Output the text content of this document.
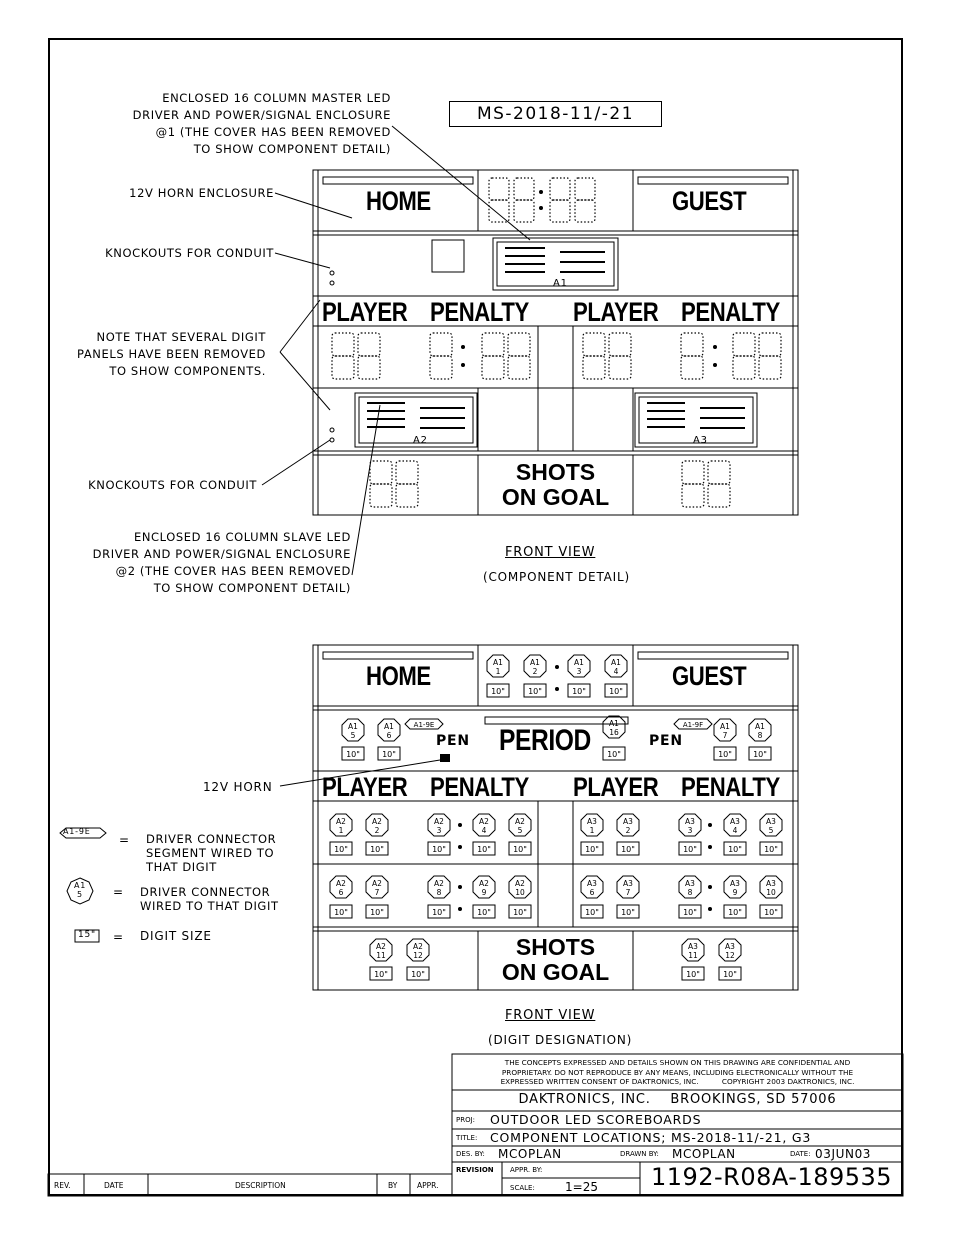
MS-2018-11/-21
ENCLOSED 16 COLUMN MASTER LED
DRIVER AND POWER/SIGNAL ENCLOSURE
@1 (THE COVER HAS BEEN REMOVED
TO SHOW COMPONENT DETAIL)
12V HORN ENCLOSURE
KNOCKOUTS FOR CONDUIT
NOTE THAT SEVERAL DIGIT
PANELS HAVE BEEN REMOVED
TO SHOW COMPONENTS.
KNOCKOUTS FOR CONDUIT
ENCLOSED 16 COLUMN SLAVE LED
DRIVER AND POWER/SIGNAL ENCLOSURE
@2 (THE COVER HAS BEEN REMOVED
TO SHOW COMPONENT DETAIL)
HOME	GUEST
PLAYER PENALTY PLAYER PENALTY
SHOTS
ON GOAL
A1
A2	A3
FRONT VIEW
(COMPONENT DETAIL)
A1
1
10"
A1
2
10"
A1
3
10"
A1
4
10"
A1
5
10"
A1
6
10"
A1
16
10"
A1
7
10"
A1
8
10"
A2
1
10"
A2
2
10"
A2
3
10"
A2
4
10"
A2
5
10"
A3
1
10"
A3
2
10"
A3
3
10"
A3
4
10"
A3
5
10"
A2
6
10"
A2
7
10"
A2
8
10"
A2
9
10"
A2
10
10"
A3
6
10"
A3
7
10"
A3
8
10"
A3
9
10"
A3
10
10"
A2
11
10"
A2
12
10"
A3
11
10"
A3
12
10"
A1-9E	A1-9F
HOME	GUEST
PERIOD
PEN	PEN
PLAYER PENALTY PLAYER PENALTY
SHOTS
ON GOAL
12V HORN
A1-9E
= DRIVER CONNECTOR
SEGMENT WIRED TO
THAT DIGIT
A1
5	= DRIVER CONNECTOR
WIRED TO THAT DIGIT
15" = DIGIT SIZE
FRONT VIEW
(DIGIT DESIGNATION)
THE CONCEPTS EXPRESSED AND DETAILS SHOWN ON THIS DRAWING ARE CONFIDENTIAL AND
PROPRIETARY. DO NOT REPRODUCE BY ANY MEANS, INCLUDING ELECTRONICALLY WITHOUT THE
EXPRESSED WRITTEN CONSENT OF DAKTRONICS, INC.          COPYRIGHT 2003 DAKTRONICS, INC.
DAKTRONICS, INC.    BROOKINGS, SD 57006
PROJ: OUTDOOR LED SCOREBOARDS
TITLE: COMPONENT LOCATIONS; MS-2018-11/-21, G3
DES. BY: MCOPLAN	DRAWN BY: MCOPLAN	DATE: 03JUN03
REVISION APPR. BY:
SCALE:	1=25	1192-R08A-189535
REV.	DATE	DESCRIPTION	BY	APPR.
